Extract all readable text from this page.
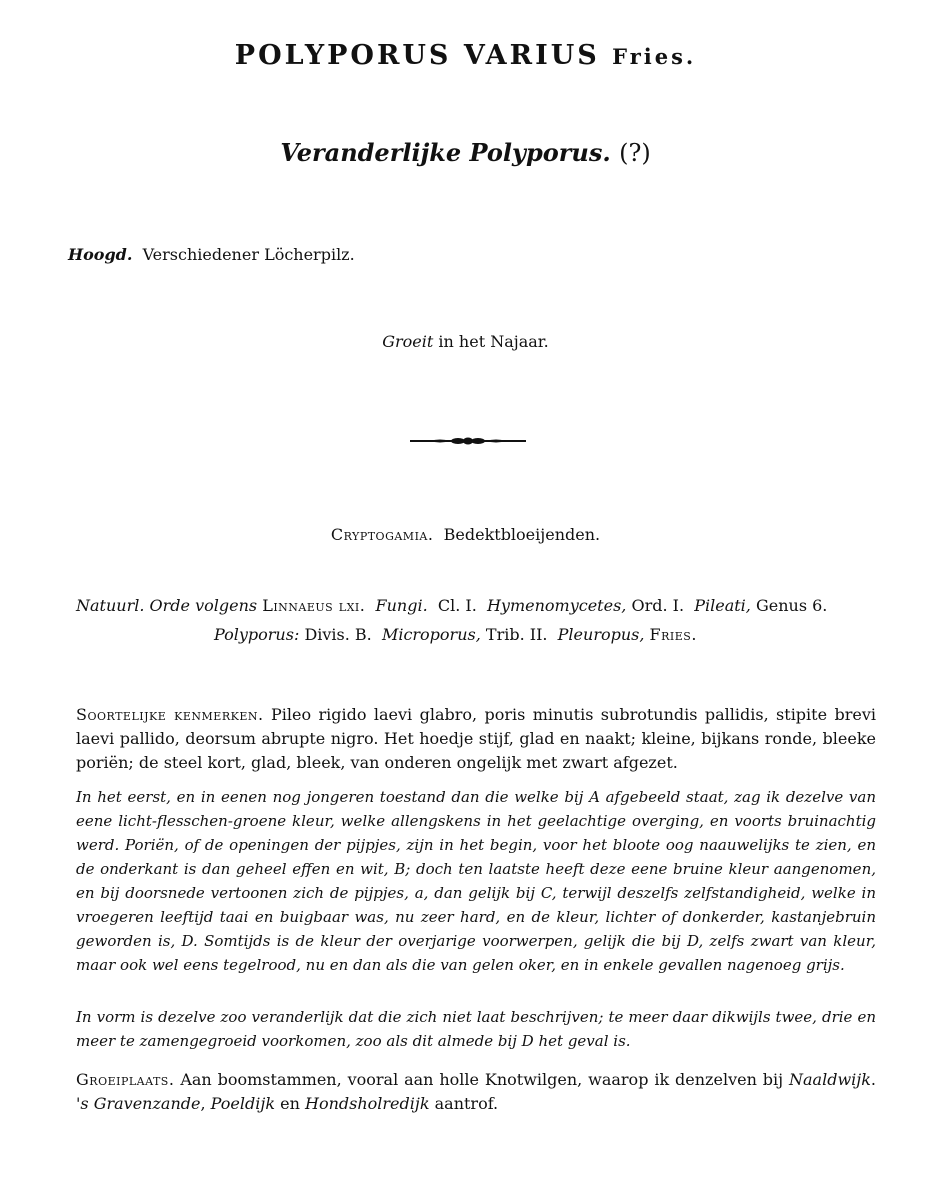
POLYPORUS VARIUS Fries.
Veranderlijke Polyporus. (?)
Hoogd. Verschiedener Löcherpilz.
Groeit in het Najaar.
Cryptogamia. Bedektbloeijenden.
Natuurl. Orde volgens Linnaeus lxi. Fungi. Cl. I. Hymenomycetes, Ord. I. Pileati, Genus 6.
Polyporus: Divis. B. Microporus, Trib. II. Pleuropus, Fries.
Soortelijke kenmerken. Pileo rigido laevi glabro, poris minutis subrotundis pallidis, stipite brevi laevi pallido, deorsum abrupte nigro. Het hoedje stijf, glad en naakt; kleine, bijkans ronde, bleeke poriën; de steel kort, glad, bleek, van onderen ongelijk met zwart afgezet.
In het eerst, en in eenen nog jongeren toestand dan die welke bij A afgebeeld staat, zag ik dezelve van eene licht-flesschen-groene kleur, welke allengskens in het geelachtige overging, en voorts bruinachtig werd. Poriën, of de openingen der pijpjes, zijn in het begin, voor het bloote oog naauwelijks te zien, en de onderkant is dan geheel effen en wit, B; doch ten laatste heeft deze eene bruine kleur aangenomen, en bij doorsnede vertoonen zich de pijpjes, a, dan gelijk bij C, terwijl deszelfs zelfstandigheid, welke in vroegeren leeftijd taai en buigbaar was, nu zeer hard, en de kleur, lichter of donkerder, kastanjebruin geworden is, D. Somtijds is de kleur der overjarige voorwerpen, gelijk die bij D, zelfs zwart van kleur, maar ook wel eens tegelrood, nu en dan als die van gelen oker, en in enkele gevallen nagenoeg grijs.
In vorm is dezelve zoo veranderlijk dat die zich niet laat beschrijven; te meer daar dikwijls twee, drie en meer te zamengegroeid voorkomen, zoo als dit almede bij D het geval is.
Groeiplaats. Aan boomstammen, vooral aan holle Knotwilgen, waarop ik denzelven bij Naaldwijk. 's Gravenzande, Poeldijk en Hondsholredijk aantrof.
